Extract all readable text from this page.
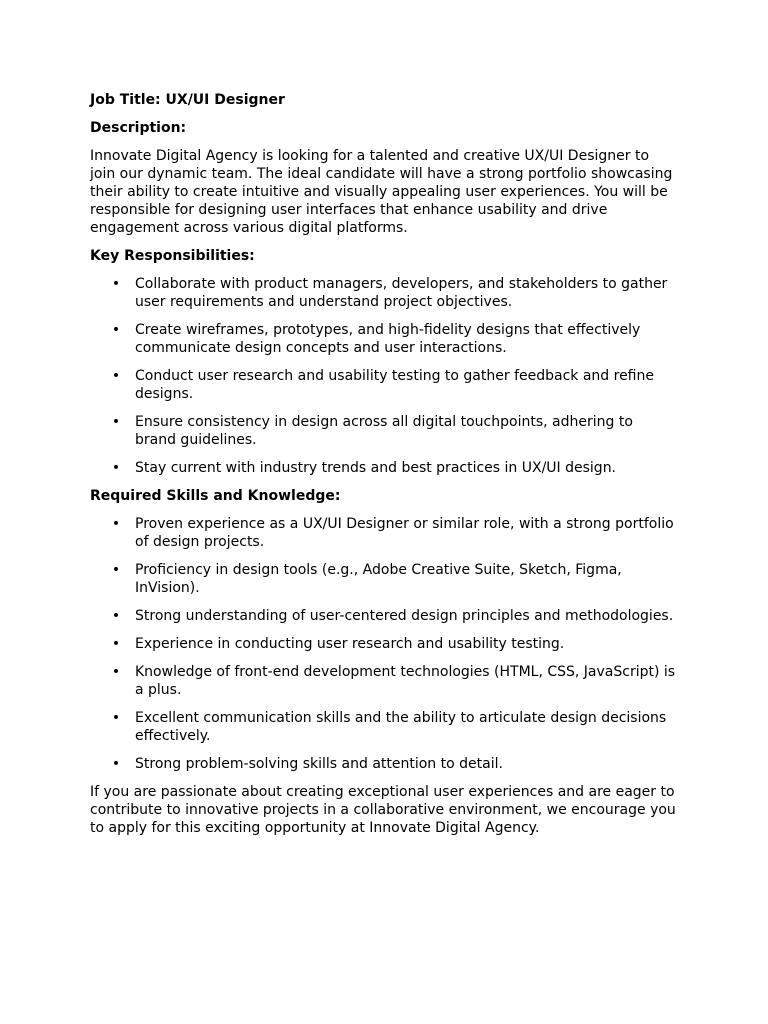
Job Title: UX/UI Designer

Description:

Innovate Digital Agency is looking for a talented and creative UX/UI Designer to join our dynamic team. The ideal candidate will have a strong portfolio showcasing their ability to create intuitive and visually appealing user experiences. You will be responsible for designing user interfaces that enhance usability and drive engagement across various digital platforms.

Key Responsibilities:

• Collaborate with product managers, developers, and stakeholders to gather user requirements and understand project objectives.
• Create wireframes, prototypes, and high-fidelity designs that effectively communicate design concepts and user interactions.
• Conduct user research and usability testing to gather feedback and refine designs.
• Ensure consistency in design across all digital touchpoints, adhering to brand guidelines.
• Stay current with industry trends and best practices in UX/UI design.

Required Skills and Knowledge:

• Proven experience as a UX/UI Designer or similar role, with a strong portfolio of design projects.
• Proficiency in design tools (e.g., Adobe Creative Suite, Sketch, Figma, InVision).
• Strong understanding of user-centered design principles and methodologies.
• Experience in conducting user research and usability testing.
• Knowledge of front-end development technologies (HTML, CSS, JavaScript) is a plus.
• Excellent communication skills and the ability to articulate design decisions effectively.
• Strong problem-solving skills and attention to detail.

If you are passionate about creating exceptional user experiences and are eager to contribute to innovative projects in a collaborative environment, we encourage you to apply for this exciting opportunity at Innovate Digital Agency.
